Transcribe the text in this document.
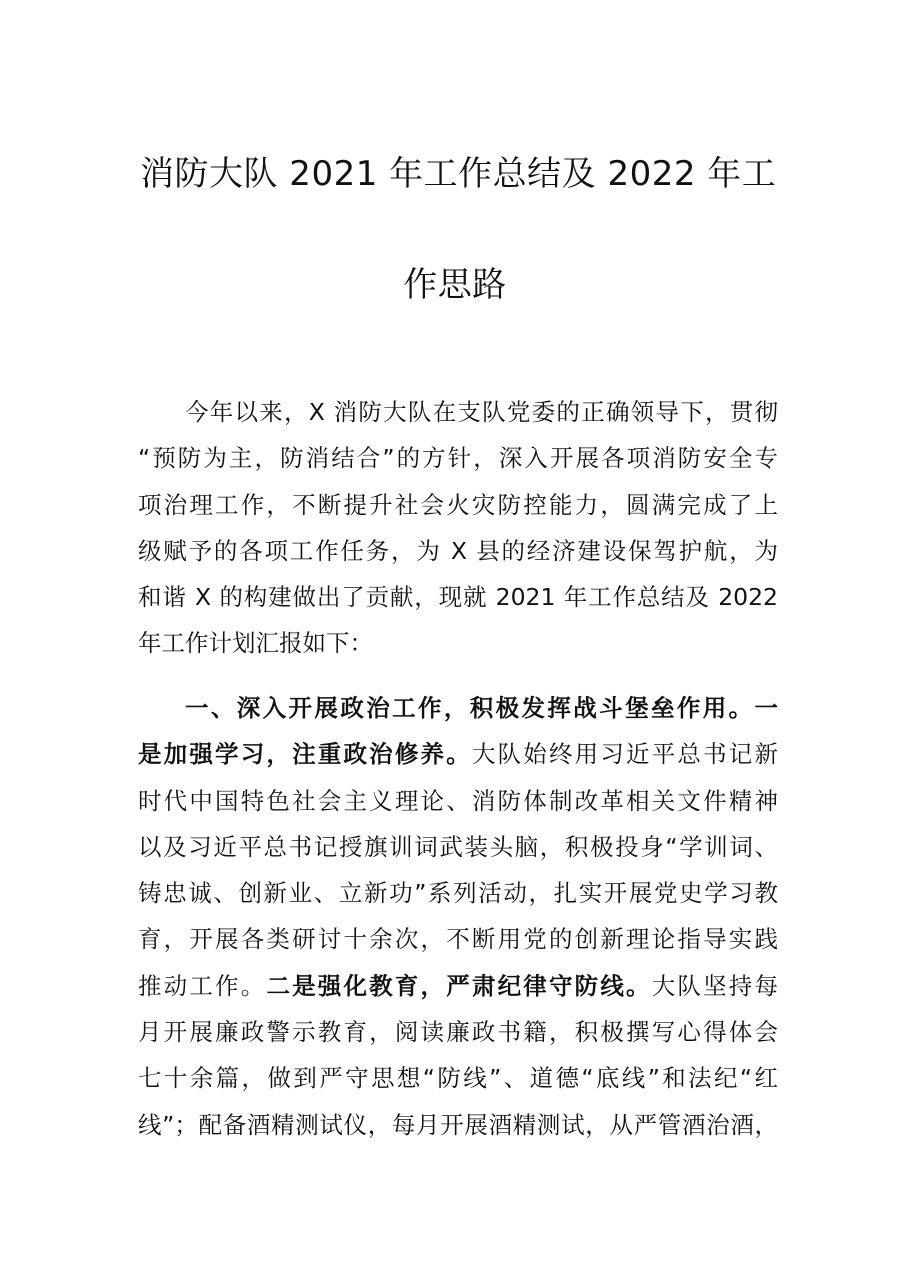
消防大队 2021 年工作总结及 2022 年工
作思路
今年以来，X 消防大队在支队党委的正确领导下，贯彻
“预防为主，防消结合”的方针，深入开展各项消防安全专
项治理工作，不断提升社会火灾防控能力，圆满完成了上
级赋予的各项工作任务，为 X 县的经济建设保驾护航，为
和谐 X 的构建做出了贡献，现就 2021 年工作总结及 2022
年工作计划汇报如下：
一、深入开展政治工作，积极发挥战斗堡垒作用。一
是加强学习，注重政治修养。大队始终用习近平总书记新
时代中国特色社会主义理论、消防体制改革相关文件精神
以及习近平总书记授旗训词武装头脑，积极投身“学训词、
铸忠诚、创新业、立新功”系列活动，扎实开展党史学习教
育，开展各类研讨十余次，不断用党的创新理论指导实践
推动工作。二是强化教育，严肃纪律守防线。大队坚持每
月开展廉政警示教育，阅读廉政书籍，积极撰写心得体会
七十余篇，做到严守思想“防线”、道德“底线”和法纪“红
线”；配备酒精测试仪，每月开展酒精测试，从严管酒治酒，
